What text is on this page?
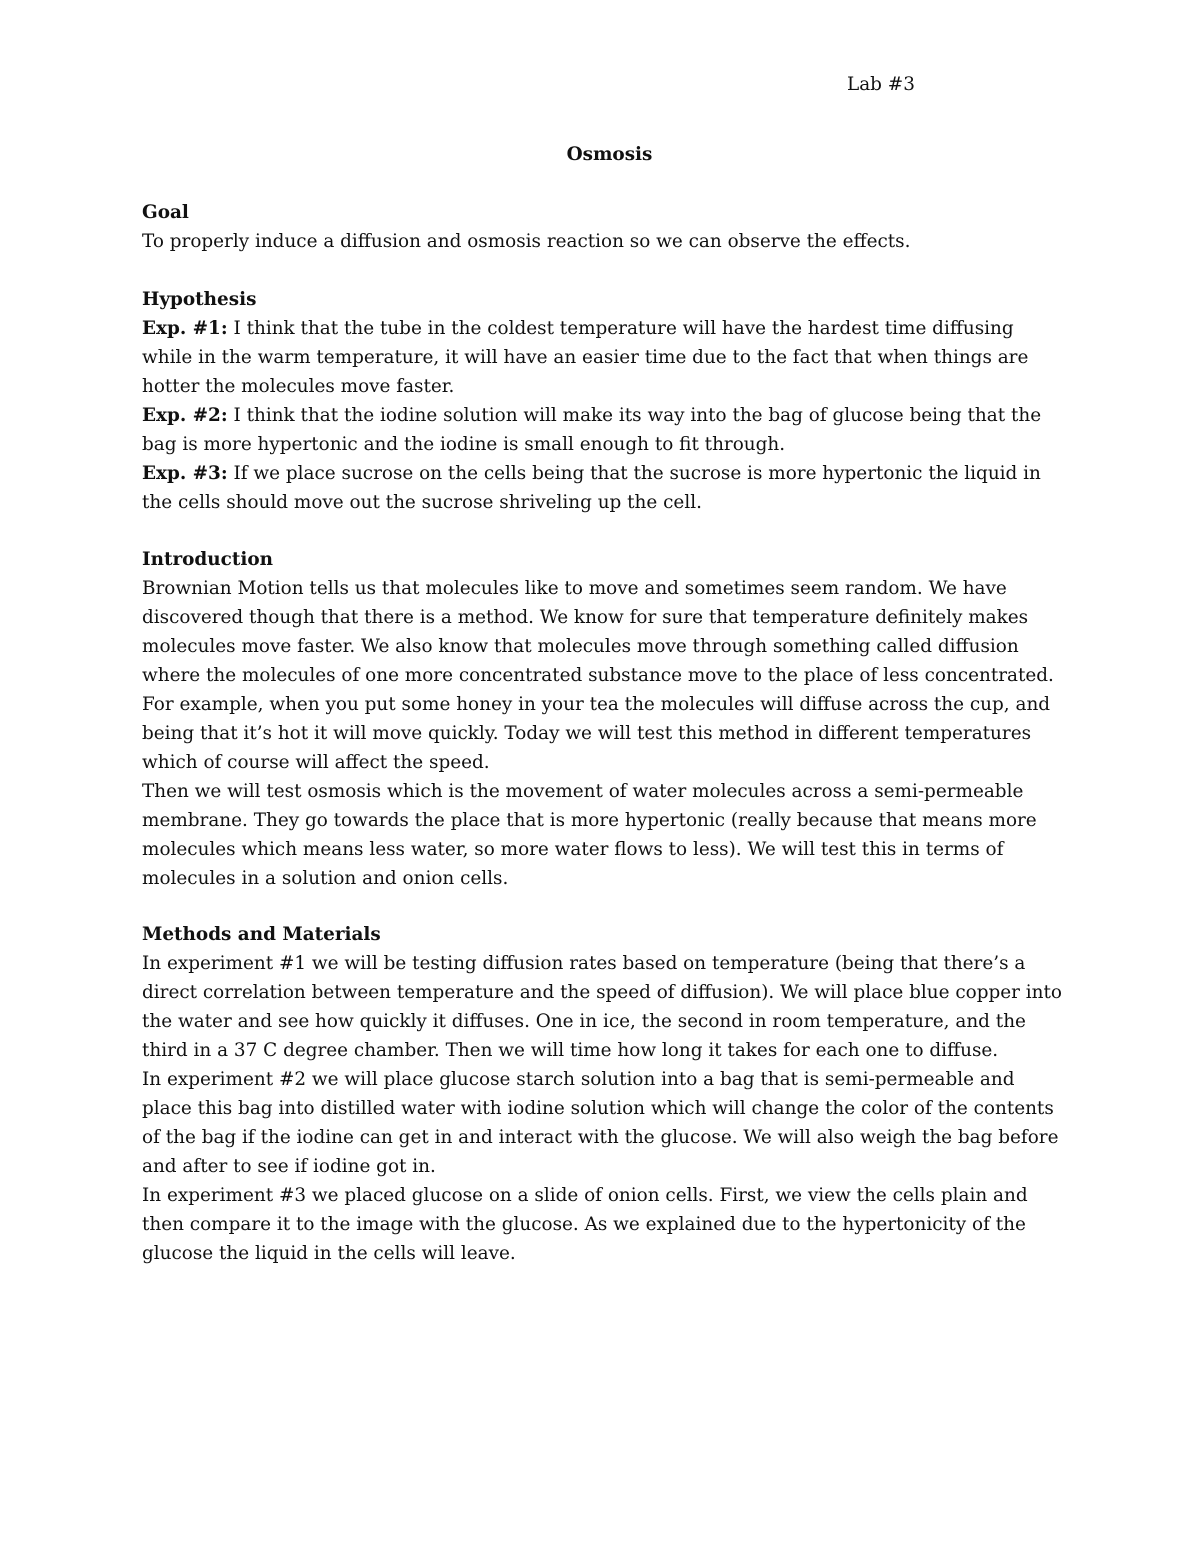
Lab #3
Osmosis
Goal

To properly induce a diffusion and osmosis reaction so we can observe the effects.

Hypothesis

Exp. #1: I think that the tube in the coldest temperature will have the hardest time diffusing while in the warm temperature, it will have an easier time due to the fact that when things are hotter the molecules move faster.

Exp. #2: I think that the iodine solution will make its way into the bag of glucose being that the bag is more hypertonic and the iodine is small enough to fit through.

Exp. #3: If we place sucrose on the cells being that the sucrose is more hypertonic the liquid in the cells should move out the sucrose shriveling up the cell.

Introduction

Brownian Motion tells us that molecules like to move and sometimes seem random. We have discovered though that there is a method. We know for sure that temperature definitely makes molecules move faster. We also know that molecules move through something called diffusion where the molecules of one more concentrated substance move to the place of less concentrated. For example, when you put some honey in your tea the molecules will diffuse across the cup, and being that it’s hot it will move quickly. Today we will test this method in different temperatures which of course will affect the speed.

Then we will test osmosis which is the movement of water molecules across a semi-permeable membrane. They go towards the place that is more hypertonic (really because that means more molecules which means less water, so more water flows to less). We will test this in terms of molecules in a solution and onion cells.

Methods and Materials

In experiment #1 we will be testing diffusion rates based on temperature (being that there’s a direct correlation between temperature and the speed of diffusion). We will place blue copper into the water and see how quickly it diffuses. One in ice, the second in room temperature, and the third in a 37 C degree chamber. Then we will time how long it takes for each one to diffuse.

In experiment #2 we will place glucose starch solution into a bag that is semi-permeable and place this bag into distilled water with iodine solution which will change the color of the contents of the bag if the iodine can get in and interact with the glucose. We will also weigh the bag before and after to see if iodine got in.

In experiment #3 we placed glucose on a slide of onion cells. First, we view the cells plain and then compare it to the image with the glucose. As we explained due to the hypertonicity of the glucose the liquid in the cells will leave.
